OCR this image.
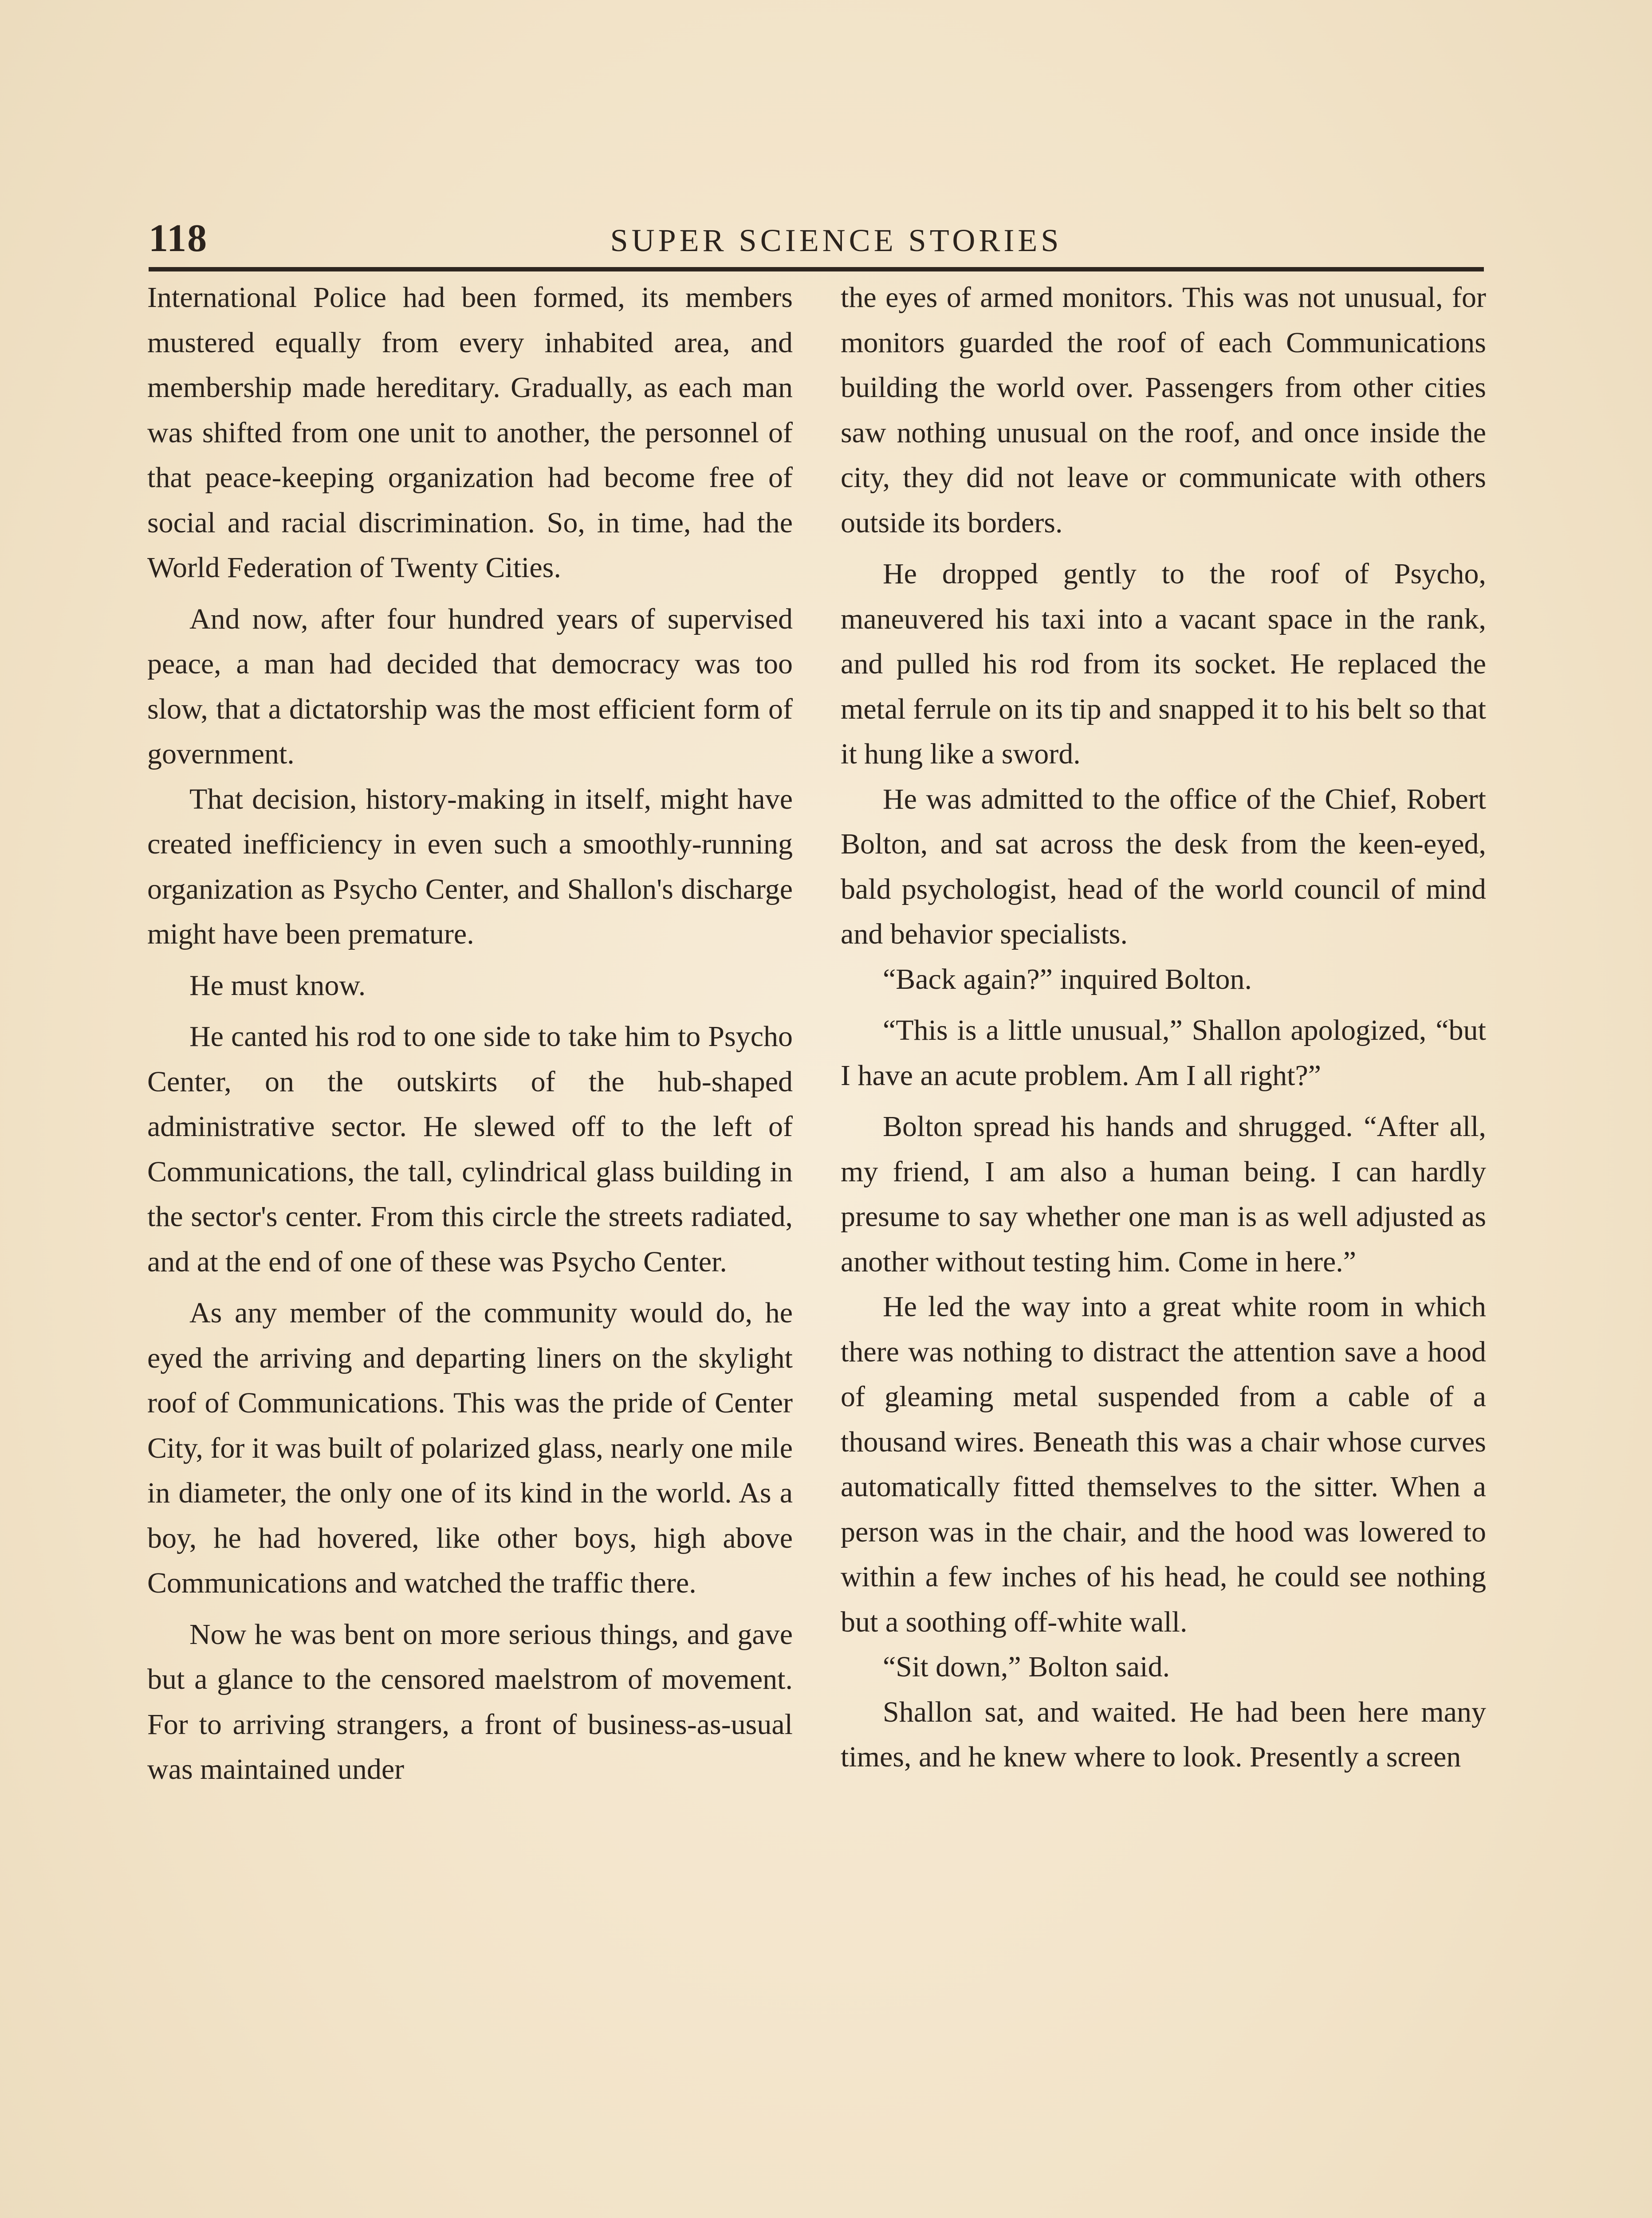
118	SUPER SCIENCE STORIES

International Police had been formed, its members mustered equally from every inhabited area, and membership made hereditary. Gradually, as each man was shifted from one unit to another, the personnel of that peace-keeping organization had become free of social and racial discrimination. So, in time, had the World Federation of Twenty Cities.

And now, after four hundred years of supervised peace, a man had decided that democracy was too slow, that a dictatorship was the most efficient form of government.

That decision, history-making in itself, might have created inefficiency in even such a smoothly-running organization as Psycho Center, and Shallon's discharge might have been premature.

He must know.

He canted his rod to one side to take him to Psycho Center, on the outskirts of the hub-shaped administrative sector. He slewed off to the left of Communications, the tall, cylindrical glass building in the sector's center. From this circle the streets radiated, and at the end of one of these was Psycho Center.

As any member of the community would do, he eyed the arriving and departing liners on the skylight roof of Communications. This was the pride of Center City, for it was built of polarized glass, nearly one mile in diameter, the only one of its kind in the world. As a boy, he had hovered, like other boys, high above Communications and watched the traffic there.

Now he was bent on more serious things, and gave but a glance to the censored maelstrom of movement. For to arriving strangers, a front of business-as-usual was maintained under

the eyes of armed monitors. This was not unusual, for monitors guarded the roof of each Communications building the world over. Passengers from other cities saw nothing unusual on the roof, and once inside the city, they did not leave or communicate with others outside its borders.

He dropped gently to the roof of Psycho, maneuvered his taxi into a vacant space in the rank, and pulled his rod from its socket. He replaced the metal ferrule on its tip and snapped it to his belt so that it hung like a sword.

He was admitted to the office of the Chief, Robert Bolton, and sat across the desk from the keen-eyed, bald psychologist, head of the world council of mind and behavior specialists.

“Back again?” inquired Bolton.

“This is a little unusual,” Shallon apologized, “but I have an acute problem. Am I all right?”

Bolton spread his hands and shrugged. “After all, my friend, I am also a human being. I can hardly presume to say whether one man is as well adjusted as another without testing him. Come in here.”

He led the way into a great white room in which there was nothing to distract the attention save a hood of gleaming metal suspended from a cable of a thousand wires. Beneath this was a chair whose curves automatically fitted themselves to the sitter. When a person was in the chair, and the hood was lowered to within a few inches of his head, he could see nothing but a soothing off-white wall.

“Sit down,” Bolton said.

Shallon sat, and waited. He had been here many times, and he knew where to look. Presently a screen
